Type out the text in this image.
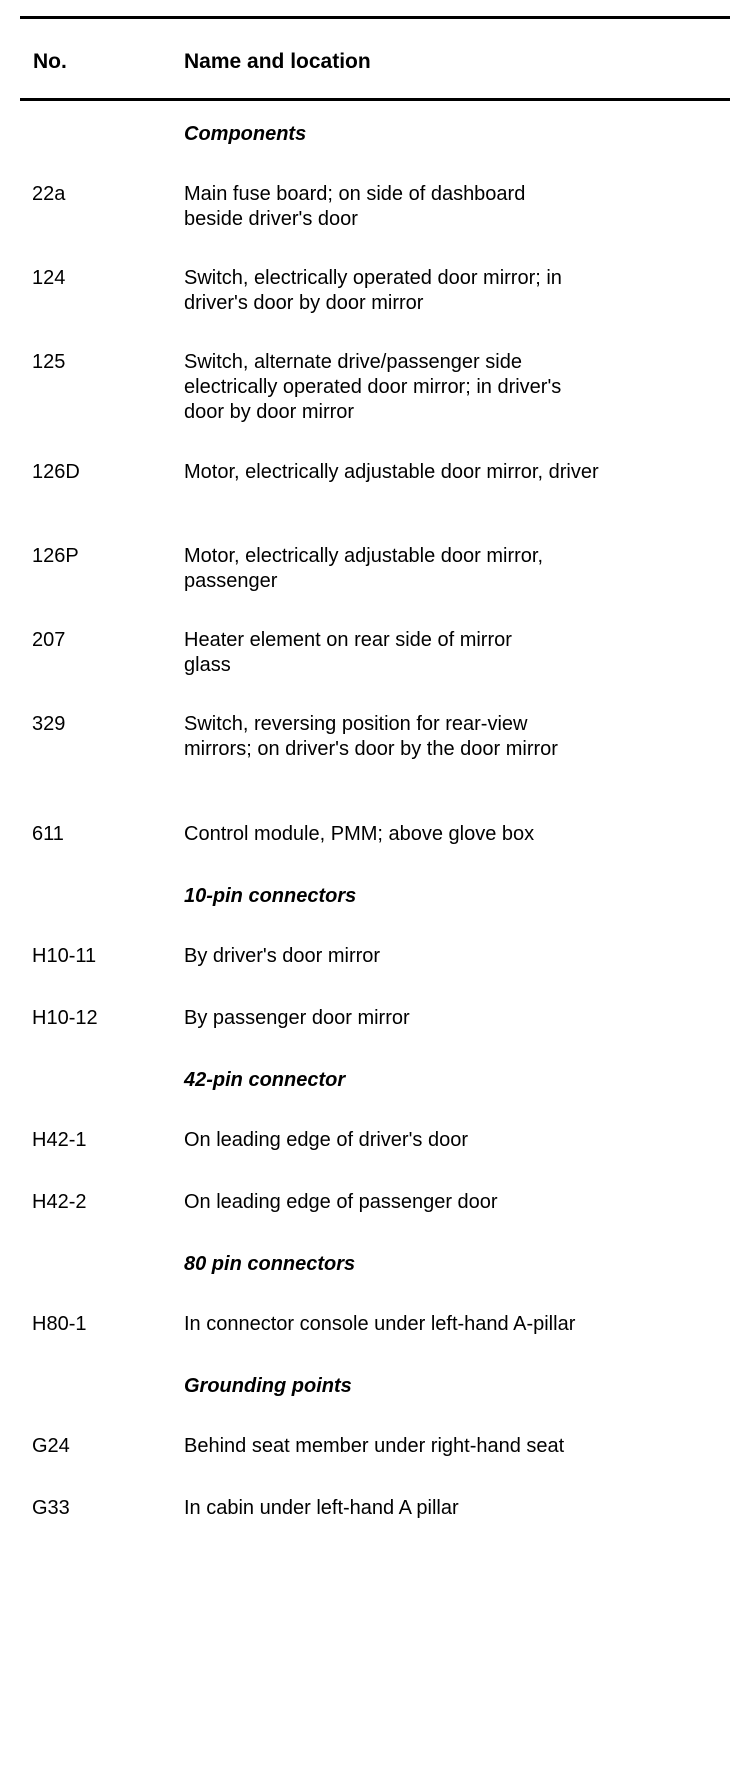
No.	Name and location
Components
22a	Main fuse board; on side of dashboard beside driver's door
124	Switch, electrically operated door mirror; in driver's door by door mirror
125	Switch, alternate drive/passenger side electrically operated door mirror; in driver's door by door mirror
126D	Motor, electrically adjustable door mirror, driver
126P	Motor, electrically adjustable door mirror, passenger
207	Heater element on rear side of mirror glass
329	Switch, reversing position for rear-view mirrors; on driver's door by the door mirror
611	Control module, PMM; above glove box
10-pin connectors
H10-11	By driver's door mirror
H10-12	By passenger door mirror
42-pin connector
H42-1	On leading edge of driver's door
H42-2	On leading edge of passenger door
80 pin connectors
H80-1	In connector console under left-hand A-pillar
Grounding points
G24	Behind seat member under right-hand seat
G33	In cabin under left-hand A pillar
